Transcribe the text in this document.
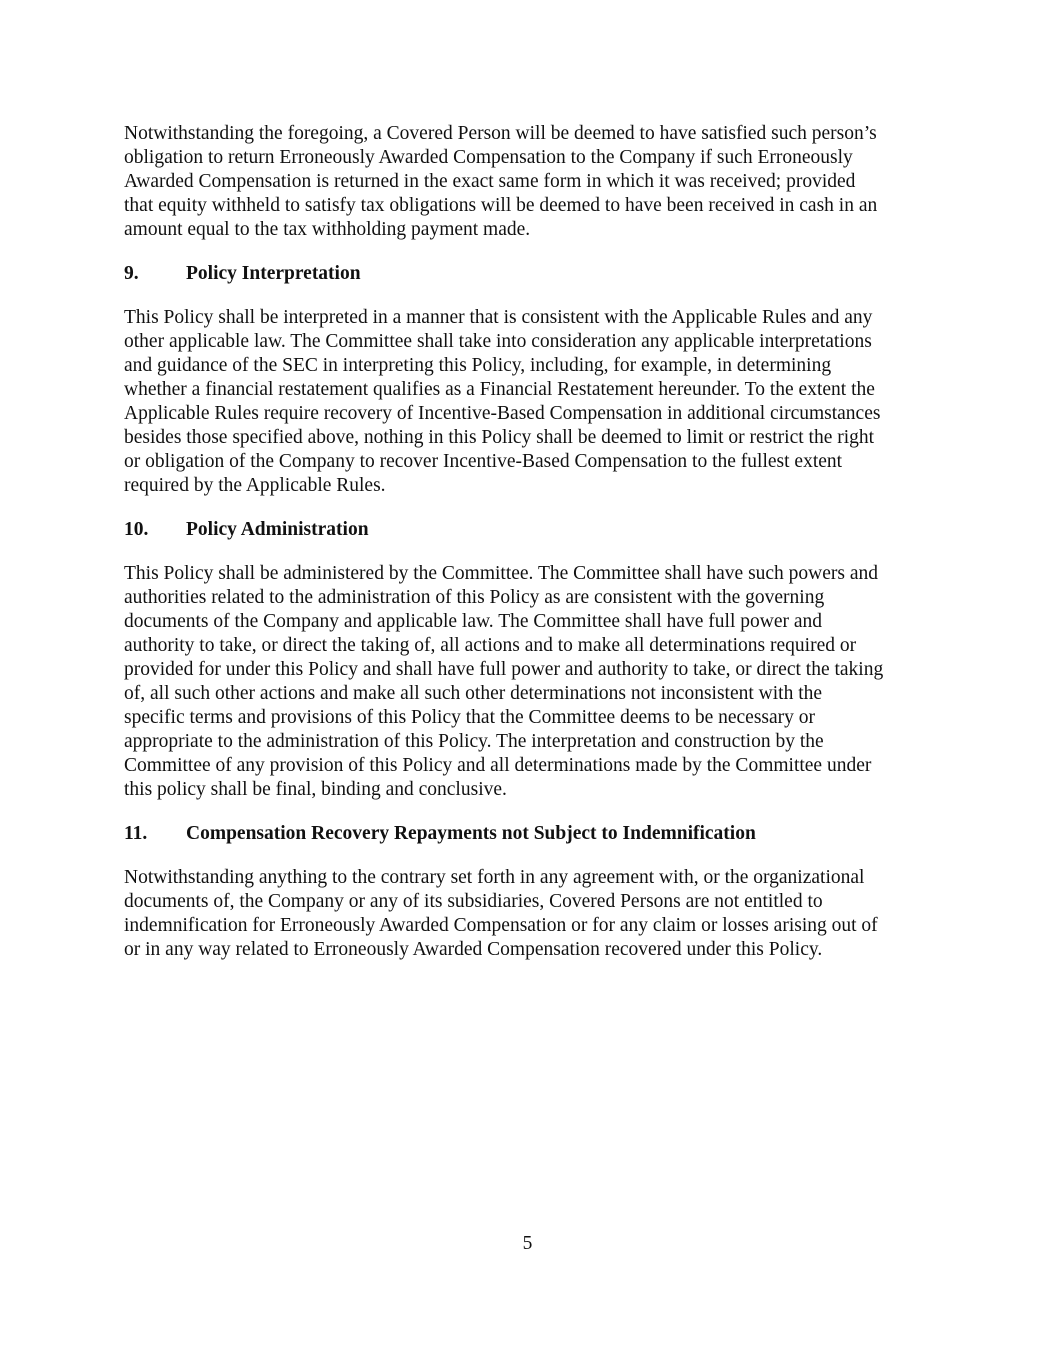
Notwithstanding the foregoing, a Covered Person will be deemed to have satisfied such person’s
obligation to return Erroneously Awarded Compensation to the Company if such Erroneously
Awarded Compensation is returned in the exact same form in which it was received; provided
that equity withheld to satisfy tax obligations will be deemed to have been received in cash in an
amount equal to the tax withholding payment made.

9.	Policy Interpretation

This Policy shall be interpreted in a manner that is consistent with the Applicable Rules and any
other applicable law. The Committee shall take into consideration any applicable interpretations
and guidance of the SEC in interpreting this Policy, including, for example, in determining
whether a financial restatement qualifies as a Financial Restatement hereunder. To the extent the
Applicable Rules require recovery of Incentive-Based Compensation in additional circumstances
besides those specified above, nothing in this Policy shall be deemed to limit or restrict the right
or obligation of the Company to recover Incentive-Based Compensation to the fullest extent
required by the Applicable Rules.

10.	Policy Administration

This Policy shall be administered by the Committee. The Committee shall have such powers and
authorities related to the administration of this Policy as are consistent with the governing
documents of the Company and applicable law. The Committee shall have full power and
authority to take, or direct the taking of, all actions and to make all determinations required or
provided for under this Policy and shall have full power and authority to take, or direct the taking
of, all such other actions and make all such other determinations not inconsistent with the
specific terms and provisions of this Policy that the Committee deems to be necessary or
appropriate to the administration of this Policy. The interpretation and construction by the
Committee of any provision of this Policy and all determinations made by the Committee under
this policy shall be final, binding and conclusive.

11.	Compensation Recovery Repayments not Subject to Indemnification

Notwithstanding anything to the contrary set forth in any agreement with, or the organizational
documents of, the Company or any of its subsidiaries, Covered Persons are not entitled to
indemnification for Erroneously Awarded Compensation or for any claim or losses arising out of
or in any way related to Erroneously Awarded Compensation recovered under this Policy.

5
